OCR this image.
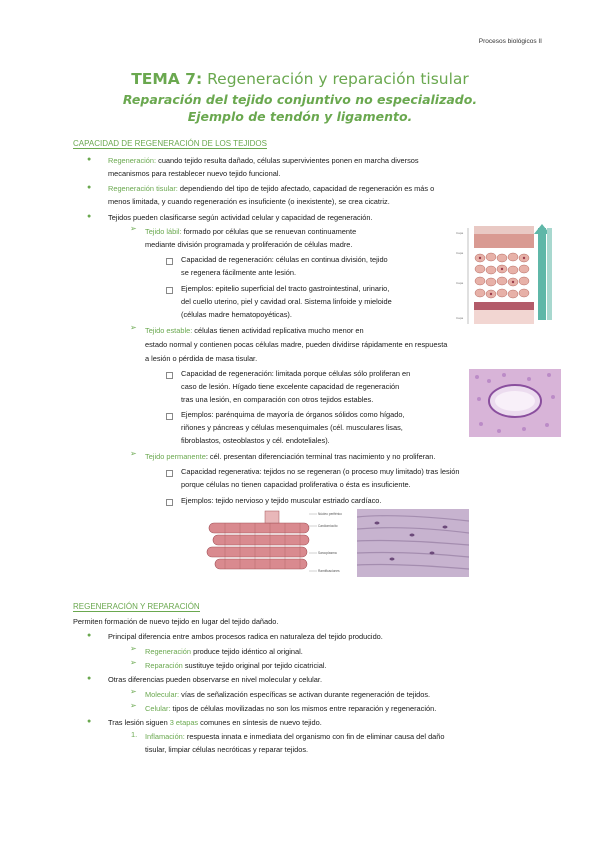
Procesos biológicos II
TEMA 7: Regeneración y reparación tisular
Reparación del tejido conjuntivo no especializado. Ejemplo de tendón y ligamento.
CAPACIDAD DE REGENERACIÓN DE LOS TEJIDOS
● Regeneración: cuando tejido resulta dañado, células supervivientes ponen en marcha diversos
mecanismos para restablecer nuevo tejido funcional.
● Regeneración tisular: dependiendo del tipo de tejido afectado, capacidad de regeneración es más o
menos limitada, y cuando regeneración es insuficiente (o inexistente), se crea cicatriz.
● Tejidos pueden clasificarse según actividad celular y capacidad de regeneración.
➢ Tejido lábil: formado por células que se renuevan continuamente
mediante división programada y proliferación de células madre.
Capacidad de regeneración: células en continua división, tejido
se regenera fácilmente ante lesión.
Ejemplos: epitelio superficial del tracto gastrointestinal, urinario,
del cuello uterino, piel y cavidad oral. Sistema linfoide y mieloide
(células madre hematopoyéticas).
➢ Tejido estable: células tienen actividad replicativa mucho menor en
estado normal y contienen pocas células madre, pueden dividirse rápidamente en respuesta
a lesión o pérdida de masa tisular.
Capacidad de regeneración: limitada porque células sólo proliferan en
caso de lesión. Hígado tiene excelente capacidad de regeneración
tras una lesión, en comparación con otros tejidos estables.
Ejemplos: parénquima de mayoría de órganos sólidos como hígado,
riñones y páncreas y células mesenquimales (cél. musculares lisas,
fibroblastos, osteoblastos y cél. endoteliales).
➢ Tejido permanente: cél. presentan diferenciación terminal tras nacimiento y no proliferan.
Capacidad regenerativa: tejidos no se regeneran (o proceso muy limitado) tras lesión
porque células no tienen capacidad proliferativa o ésta es insuficiente.
Ejemplos: tejido nervioso y tejido muscular estriado cardíaco.
Capa
Capa
Capa
Capa
Núcleo periférico
Cardiomiocito
Sarcoplasma
Ramificaciones
REGENERACIÓN Y REPARACIÓN
Permiten formación de nuevo tejido en lugar del tejido dañado.
● Principal diferencia entre ambos procesos radica en naturaleza del tejido producido.
➢ Regeneración produce tejido idéntico al original.
➢ Reparación sustituye tejido original por tejido cicatricial.
● Otras diferencias pueden observarse en nivel molecular y celular.
➢ Molecular: vías de señalización específicas se activan durante regeneración de tejidos.
➢ Celular: tipos de células movilizadas no son los mismos entre reparación y regeneración.
● Tras lesión siguen 3 etapas comunes en síntesis de nuevo tejido.
1. Inflamación: respuesta innata e inmediata del organismo con fin de eliminar causa del daño
tisular, limpiar células necróticas y reparar tejidos.
